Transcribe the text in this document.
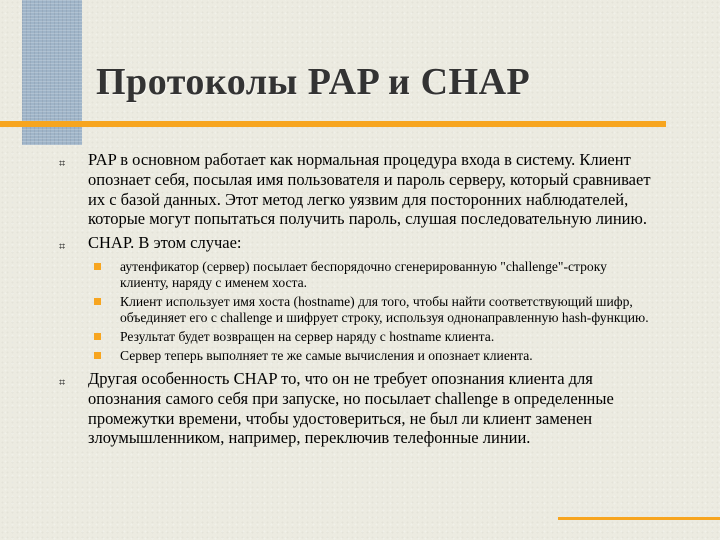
Протоколы PAP и CHAP
⌗ PAP в основном работает как нормальная процедура входа в систему. Клиент опознает себя, посылая имя пользователя и пароль серверу, который сравнивает их с базой данных. Этот метод легко уязвим для посторонних наблюдателей, которые могут попытаться получить пароль, слушая последовательную линию.
⌗ CHAP. В этом случае:
аутенфикатор (сервер) посылает беспорядочно сгенерированную "challenge"-строку клиенту, наряду с именем хоста.
Клиент использует имя хоста (hostname) для того, чтобы найти соответствующий шифр, объединяет его с challenge и шифрует строку, используя однонаправленную hash-функцию.
Результат будет возвращен на сервер наряду с hostname клиента.
Сервер теперь выполняет те же самые вычисления и опознает клиента.
⌗ Другая особенность CHAP то, что он не требует опознания клиента для опознания самого себя при запуске, но посылает challenge в определенные промежутки времени, чтобы удостовериться, не был ли клиент заменен злоумышленником, например, переключив телефонные линии.
